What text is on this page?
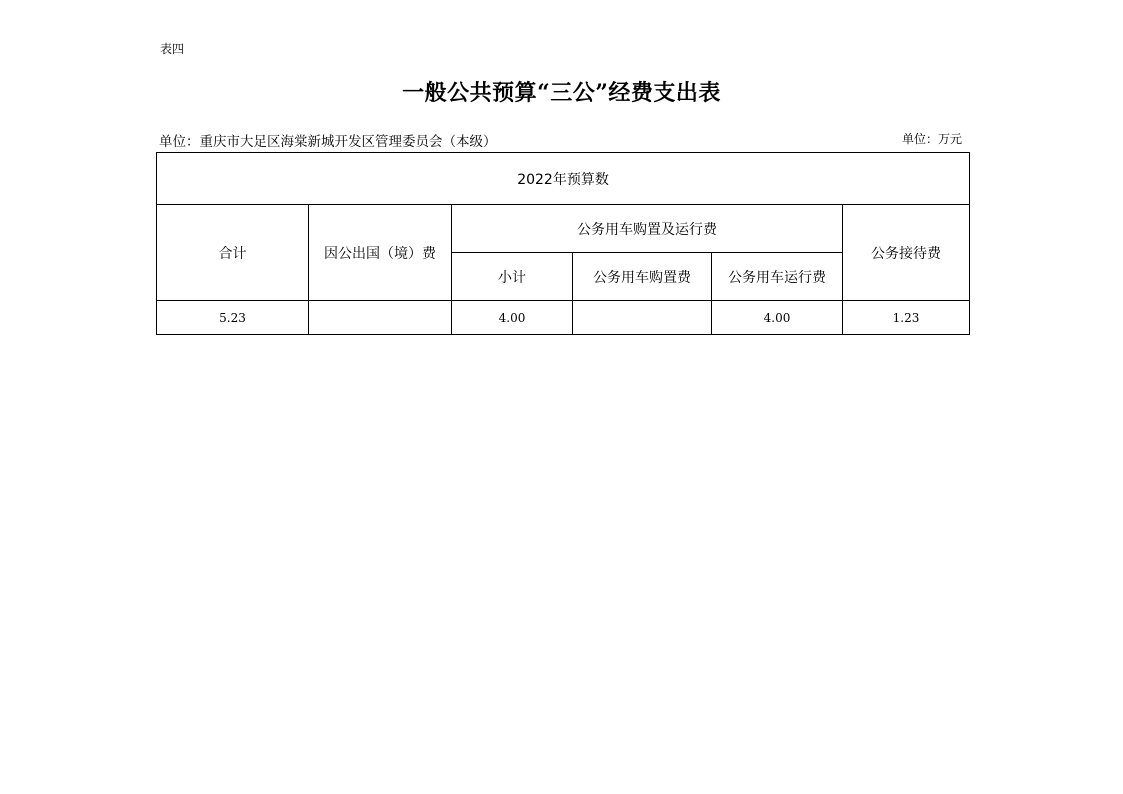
表四
一般公共预算“三公”经费支出表
单位：重庆市大足区海棠新城开发区管理委员会（本级）	单位：万元
2022年预算数					
合计	因公出国（境）费	公务用车购置及运行费			公务接待费
		小计	公务用车购置费	公务用车运行费	
5.23		4.00		4.00	1.23
